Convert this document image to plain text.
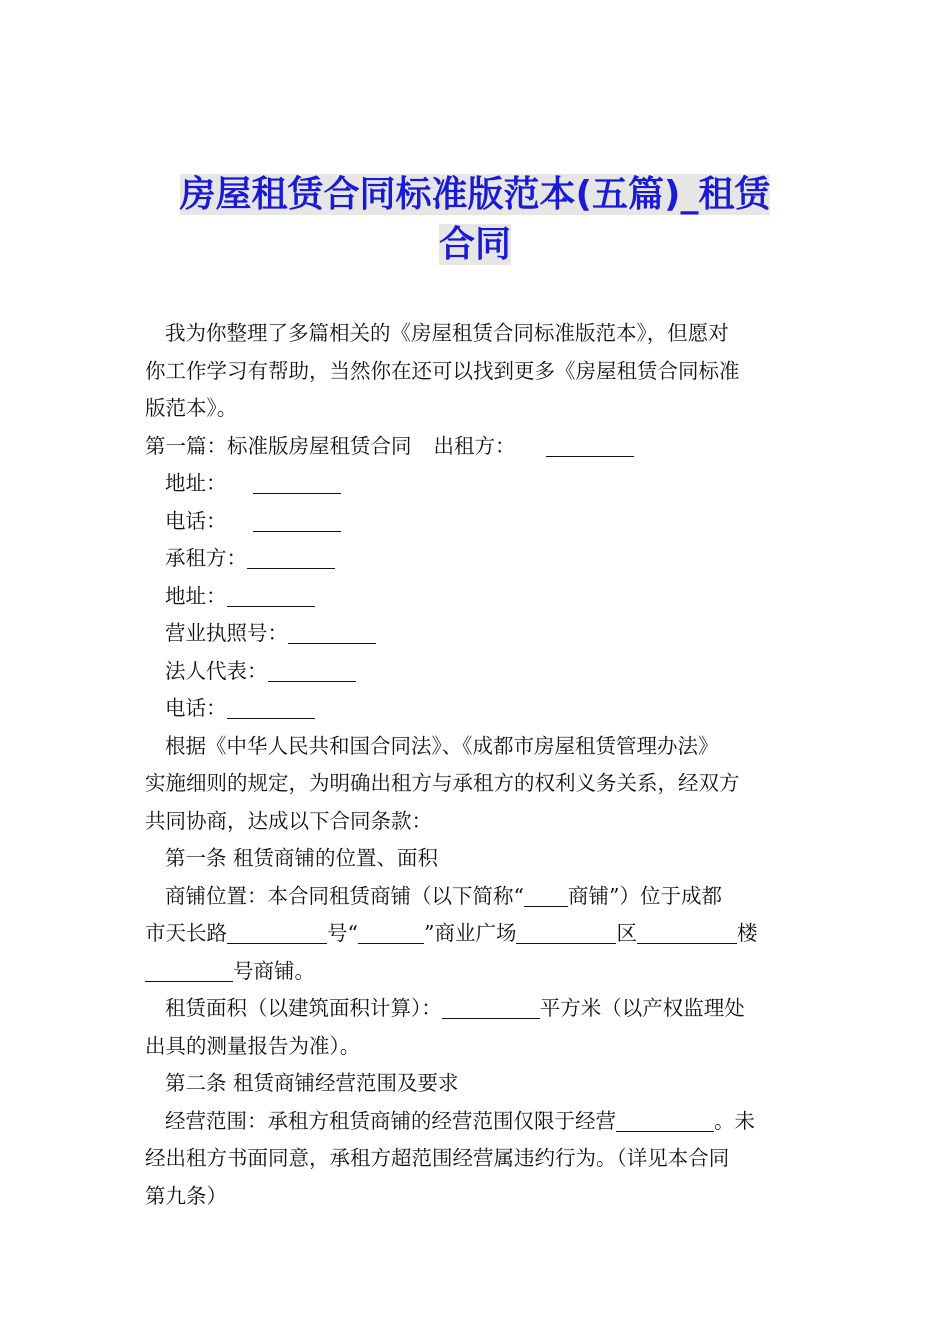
房屋租赁合同标准版范本(五篇)_租赁
合同

我为你整理了多篇相关的《房屋租赁合同标准版范本》，但愿对

你工作学习有帮助，当然你在还可以找到更多《房屋租赁合同标准

版范本》。

第一篇：标准版房屋租赁合同 出租方：

地址：

电话：

承租方：

地址：

营业执照号：

法人代表：

电话：

根据《中华人民共和国合同法》、《成都市房屋租赁管理办法》

实施细则的规定，为明确出租方与承租方的权利义务关系，经双方

共同协商，达成以下合同条款：

第一条 租赁商铺的位置、面积

商铺位置：本合同租赁商铺（以下简称“ 商铺”）位于成都

市天长路	号“	”商业广场	区	楼

号商铺。

租赁面积（以建筑面积计算）：	平方米（以产权监理处

出具的测量报告为准）。

第二条 租赁商铺经营范围及要求

经营范围：承租方租赁商铺的经营范围仅限于经营	。未

经出租方书面同意，承租方超范围经营属违约行为。（详见本合同

第九条）
